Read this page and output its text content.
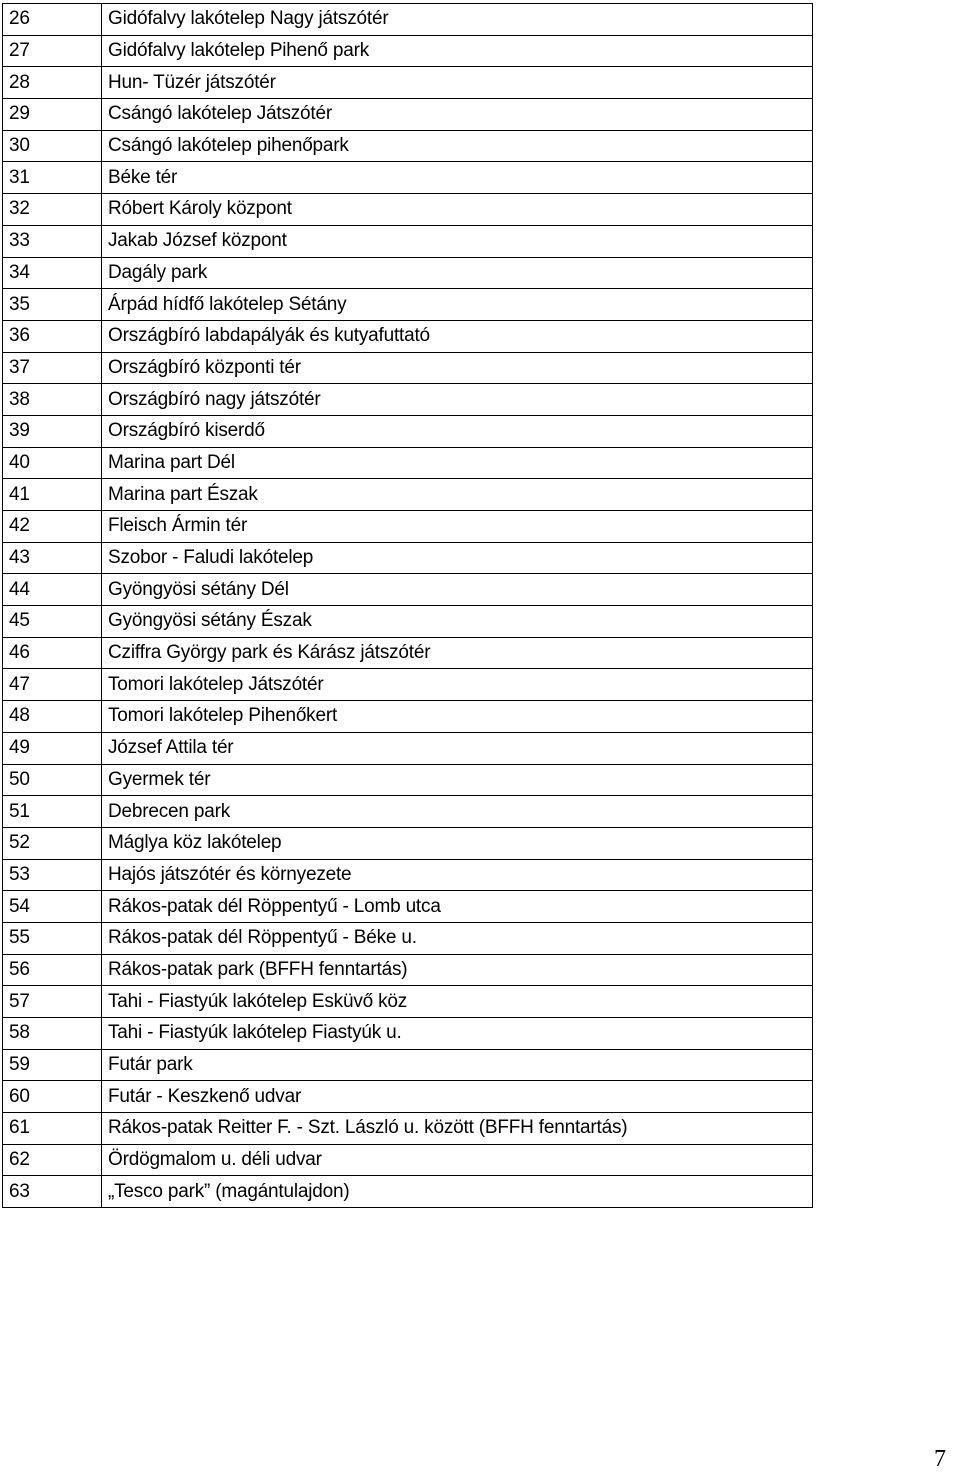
26	Gidófalvy lakótelep Nagy játszótér
27	Gidófalvy lakótelep Pihenő park
28	Hun- Tüzér játszótér
29	Csángó lakótelep Játszótér
30	Csángó lakótelep pihenőpark
31	Béke tér
32	Róbert Károly központ
33	Jakab József központ
34	Dagály park
35	Árpád hídfő lakótelep Sétány
36	Országbíró labdapályák és kutyafuttató
37	Országbíró központi tér
38	Országbíró nagy játszótér
39	Országbíró kiserdő
40	Marina part Dél
41	Marina part Észak
42	Fleisch Ármin tér
43	Szobor - Faludi lakótelep
44	Gyöngyösi sétány Dél
45	Gyöngyösi sétány Észak
46	Cziffra György park és Kárász játszótér
47	Tomori lakótelep Játszótér
48	Tomori lakótelep Pihenőkert
49	József Attila tér
50	Gyermek tér
51	Debrecen park
52	Máglya köz lakótelep
53	Hajós játszótér és környezete
54	Rákos-patak dél Röppentyű - Lomb utca
55	Rákos-patak dél Röppentyű - Béke u.
56	Rákos-patak park (BFFH fenntartás)
57	Tahi - Fiastyúk lakótelep Esküvő köz
58	Tahi - Fiastyúk lakótelep Fiastyúk u.
59	Futár park
60	Futár - Keszkenő udvar
61	Rákos-patak Reitter F. - Szt. László u. között (BFFH fenntartás)
62	Ördögmalom u. déli udvar
63	„Tesco park” (magántulajdon)
7
